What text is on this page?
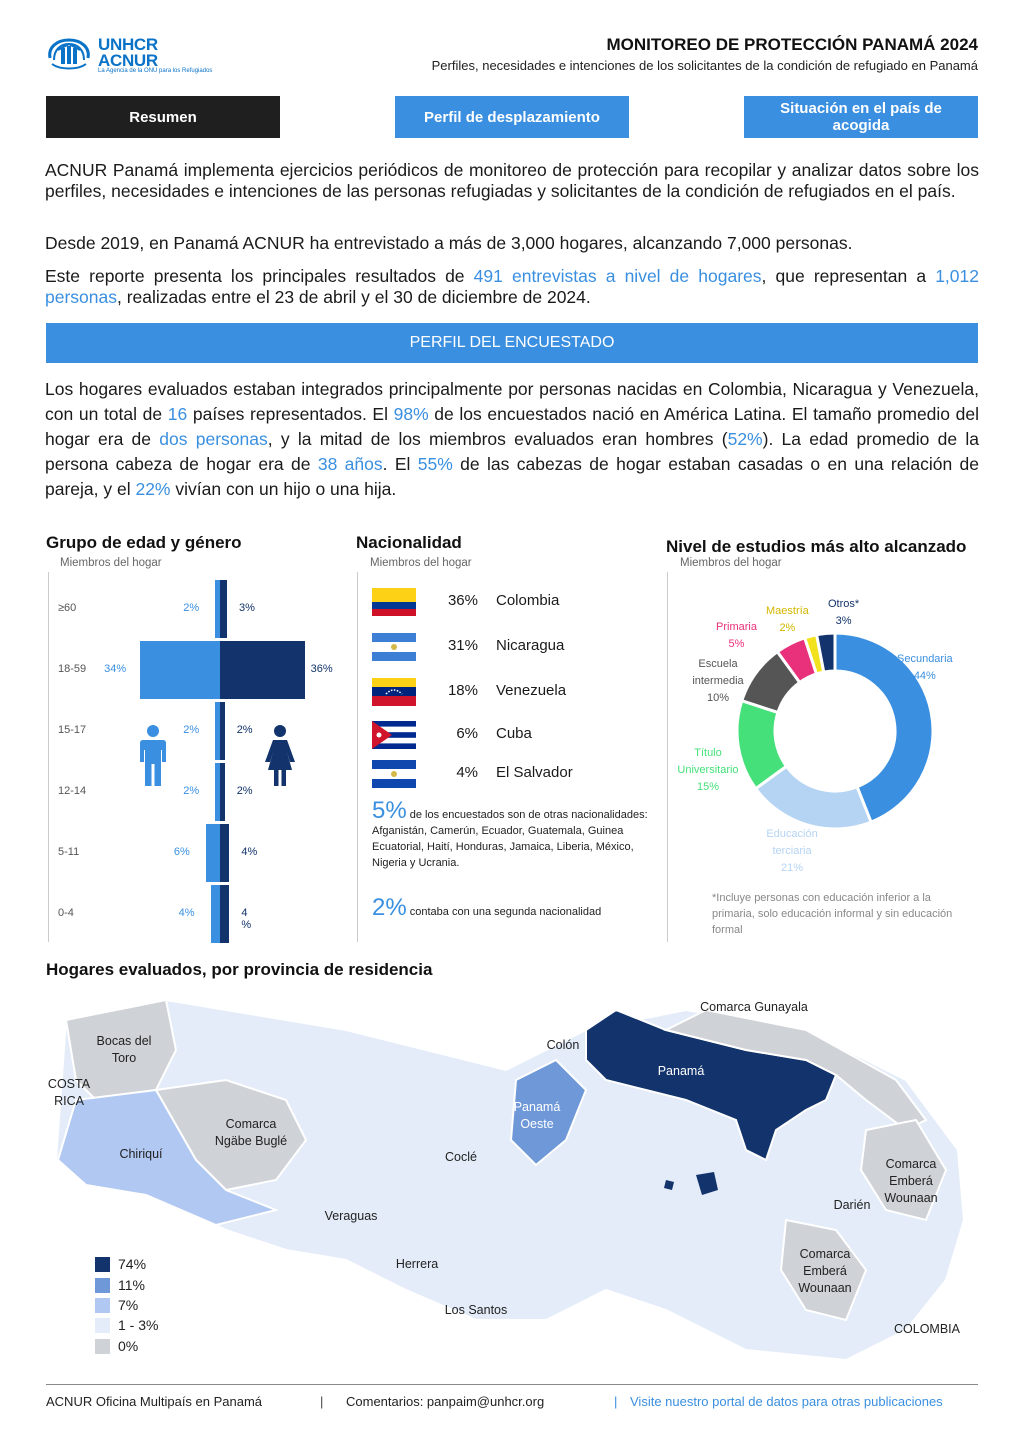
UNHCR
ACNUR
La Agencia de la ONU para los Refugiados
MONITOREO DE PROTECCIÓN PANAMÁ 2024
Perfiles, necesidades e intenciones de los solicitantes de la condición de refugiado en Panamá
Resumen	Perfil de desplazamiento	Situación en el país de acogida

ACNUR Panamá implementa ejercicios periódicos de monitoreo de protección para recopilar y analizar datos sobre los perfiles, necesidades e intenciones de las personas refugiadas y solicitantes de la condición de refugiados en el país.

Desde 2019, en Panamá ACNUR ha entrevistado a más de 3,000 hogares, alcanzando 7,000 personas.

Este reporte presenta los principales resultados de 491 entrevistas a nivel de hogares, que representan a 1,012 personas, realizadas entre el 23 de abril y el 30 de diciembre de 2024.

PERFIL DEL ENCUESTADO

Los hogares evaluados estaban integrados principalmente por personas nacidas en Colombia, Nicaragua y Venezuela, con un total de 16 países representados. El 98% de los encuestados nació en América Latina. El tamaño promedio del hogar era de dos personas, y la mitad de los miembros evaluados eran hombres (52%). La edad promedio de la persona cabeza de hogar era de 38 años. El 55% de las cabezas de hogar estaban casadas o en una relación de pareja, y el 22% vivían con un hijo o una hija.

Grupo de edad y género
Miembros del hogar
≥60	2%	3%
18-59	34%	36%
15-17	2%	2%
12-14	2%	2%
5-11	6%	4%
0-4	4%	4 %
Nacionalidad
Miembros del hogar
36% Colombia
31% Nicaragua
18% Venezuela
6% Cuba
4% El Salvador
5% de los encuestados son de otras nacionalidades: Afganistán, Camerún, Ecuador, Guatemala, Guinea Ecuatorial, Haití, Honduras, Jamaica, Liberia, México, Nigeria y Ucrania.
2% contaba con una segunda nacionalidad
Nivel de estudios más alto alcanzado
Miembros del hogar
Secundaria
44%
Educación terciaria
21%
Título Universitario
15%
Escuela intermedia
10%
Primaria
5%
Maestría
2%
Otros*
3%
*Incluye personas con educación inferior a la primaria, solo educación informal y sin educación formal
Hogares evaluados, por provincia de residencia
Bocas del Toro
COSTA RICA
Chiriquí
Comarca Ngäbe Buglé
Veraguas
Coclé
Colón
Panamá Oeste
Panamá
Comarca Gunayala
Herrera
Los Santos
Darién
Comarca Emberá Wounaan
Comarca Emberá Wounaan
COLOMBIA
74%
11%
7%
1 - 3%
0%
ACNUR Oficina Multipaís en Panamá	| Comentarios: panpaim@unhcr.org	| Visite nuestro portal de datos para otras publicaciones
